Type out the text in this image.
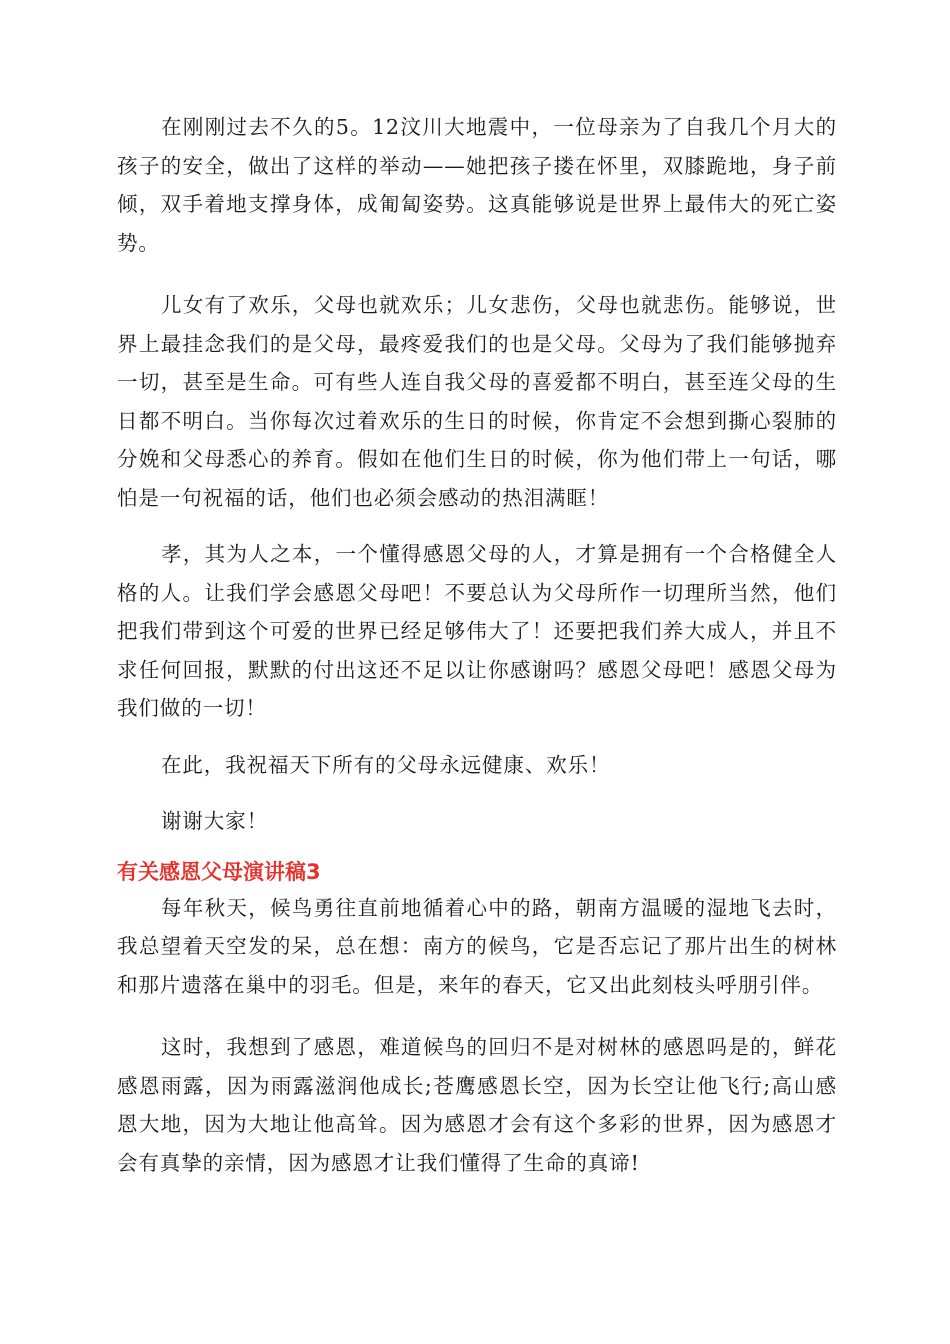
在刚刚过去不久的5。12汶川大地震中，一位母亲为了自我几个月大的孩子的安全，做出了这样的举动——她把孩子搂在怀里，双膝跪地，身子前倾，双手着地支撑身体，成匍匐姿势。这真能够说是世界上最伟大的死亡姿势。

儿女有了欢乐，父母也就欢乐；儿女悲伤，父母也就悲伤。能够说，世界上最挂念我们的是父母，最疼爱我们的也是父母。父母为了我们能够抛弃一切，甚至是生命。可有些人连自我父母的喜爱都不明白，甚至连父母的生日都不明白。当你每次过着欢乐的生日的时候，你肯定不会想到撕心裂肺的分娩和父母悉心的养育。假如在他们生日的时候，你为他们带上一句话，哪怕是一句祝福的话，他们也必须会感动的热泪满眶！

孝，其为人之本，一个懂得感恩父母的人，才算是拥有一个合格健全人格的人。让我们学会感恩父母吧！不要总认为父母所作一切理所当然，他们把我们带到这个可爱的世界已经足够伟大了！还要把我们养大成人，并且不求任何回报，默默的付出这还不足以让你感谢吗？感恩父母吧！感恩父母为我们做的一切！

在此，我祝福天下所有的父母永远健康、欢乐！

谢谢大家！

有关感恩父母演讲稿3

每年秋天，候鸟勇往直前地循着心中的路，朝南方温暖的湿地飞去时，我总望着天空发的呆，总在想：南方的候鸟，它是否忘记了那片出生的树林和那片遗落在巢中的羽毛。但是，来年的春天，它又出此刻枝头呼朋引伴。

这时，我想到了感恩，难道候鸟的回归不是对树林的感恩吗是的，鲜花感恩雨露，因为雨露滋润他成长;苍鹰感恩长空，因为长空让他飞行;高山感恩大地，因为大地让他高耸。因为感恩才会有这个多彩的世界，因为感恩才会有真挚的亲情，因为感恩才让我们懂得了生命的真谛!
